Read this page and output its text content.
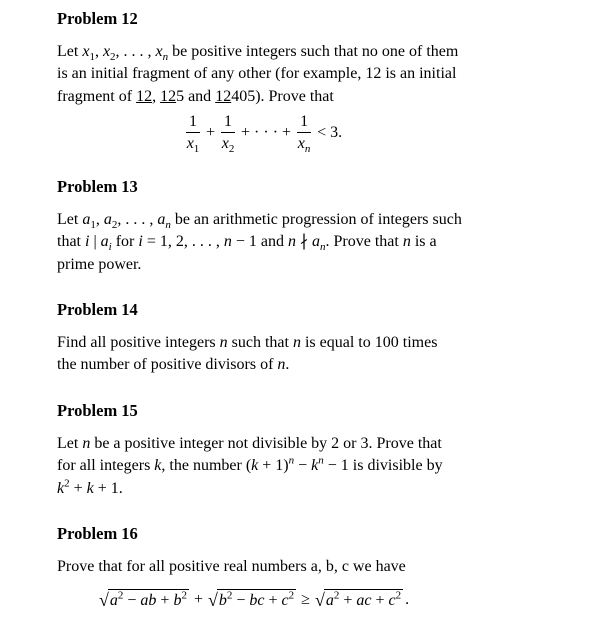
Problem 12
Let $x_1$, $x_2$, . . . , $x_n$ be positive integers such that no one of them
is an initial fragment of any other (for example, 12 is an initial
fragment of 12, 125 and 12405). Prove that
$\frac{1}{x_1} + \frac{1}{x_2}$ + · · · + $\frac{1}{x_n} < 3$.
Problem 13
Let $a_1$, $a_2$, . . . , $a_n$ be an arithmetic progression of integers such
that i | $a_i$ for i = 1, 2, . . . , n − 1 and n ∤ $a_n$. Prove that n is a
prime power.
Problem 14
Find all positive integers n such that n is equal to 100 times
the number of positive divisors of n.
Problem 15
Let n be a positive integer not divisible by 2 or 3. Prove that
for all integers k, the number $(k + 1)^n - k^n - 1$ is divisible by
$k^2 + k + 1$.
Problem 16
Prove that for all positive real numbers a, b, c we have
√ $a^2$ − ab + $b^2$ + √ $b^2$ − bc + $c^2$ ≥ √ $a^2$ + ac + $c^2$ .
